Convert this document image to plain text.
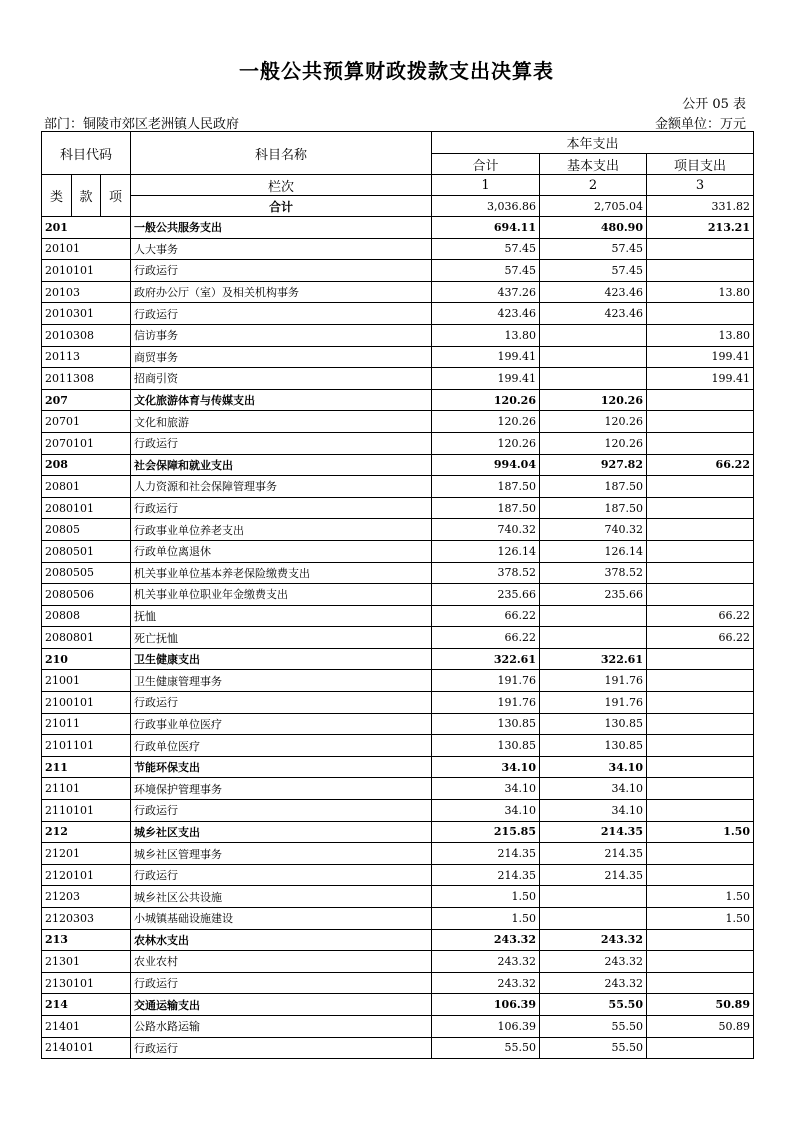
一般公共预算财政拨款支出决算表
公开 05 表
部门：铜陵市郊区老洲镇人民政府	金额单位：万元
科目代码			科目名称	本年支出		
				合计	基本支出	项目支出
类	款	项	栏次	1	2	3
			合计	3,036.86	2,705.04	331.82
201			一般公共服务支出	694.11	480.90	213.21
20101			人大事务	57.45	57.45	
2010101			行政运行	57.45	57.45	
20103			政府办公厅（室）及相关机构事务	437.26	423.46	13.80
2010301			行政运行	423.46	423.46	
2010308			信访事务	13.80		13.80
20113			商贸事务	199.41		199.41
2011308			招商引资	199.41		199.41
207			文化旅游体育与传媒支出	120.26	120.26	
20701			文化和旅游	120.26	120.26	
2070101			行政运行	120.26	120.26	
208			社会保障和就业支出	994.04	927.82	66.22
20801			人力资源和社会保障管理事务	187.50	187.50	
2080101			行政运行	187.50	187.50	
20805			行政事业单位养老支出	740.32	740.32	
2080501			行政单位离退休	126.14	126.14	
2080505			机关事业单位基本养老保险缴费支出	378.52	378.52	
2080506			机关事业单位职业年金缴费支出	235.66	235.66	
20808			抚恤	66.22		66.22
2080801			死亡抚恤	66.22		66.22
210			卫生健康支出	322.61	322.61	
21001			卫生健康管理事务	191.76	191.76	
2100101			行政运行	191.76	191.76	
21011			行政事业单位医疗	130.85	130.85	
2101101			行政单位医疗	130.85	130.85	
211			节能环保支出	34.10	34.10	
21101			环境保护管理事务	34.10	34.10	
2110101			行政运行	34.10	34.10	
212			城乡社区支出	215.85	214.35	1.50
21201			城乡社区管理事务	214.35	214.35	
2120101			行政运行	214.35	214.35	
21203			城乡社区公共设施	1.50		1.50
2120303			小城镇基础设施建设	1.50		1.50
213			农林水支出	243.32	243.32	
21301			农业农村	243.32	243.32	
2130101			行政运行	243.32	243.32	
214			交通运输支出	106.39	55.50	50.89
21401			公路水路运输	106.39	55.50	50.89
2140101			行政运行	55.50	55.50	
